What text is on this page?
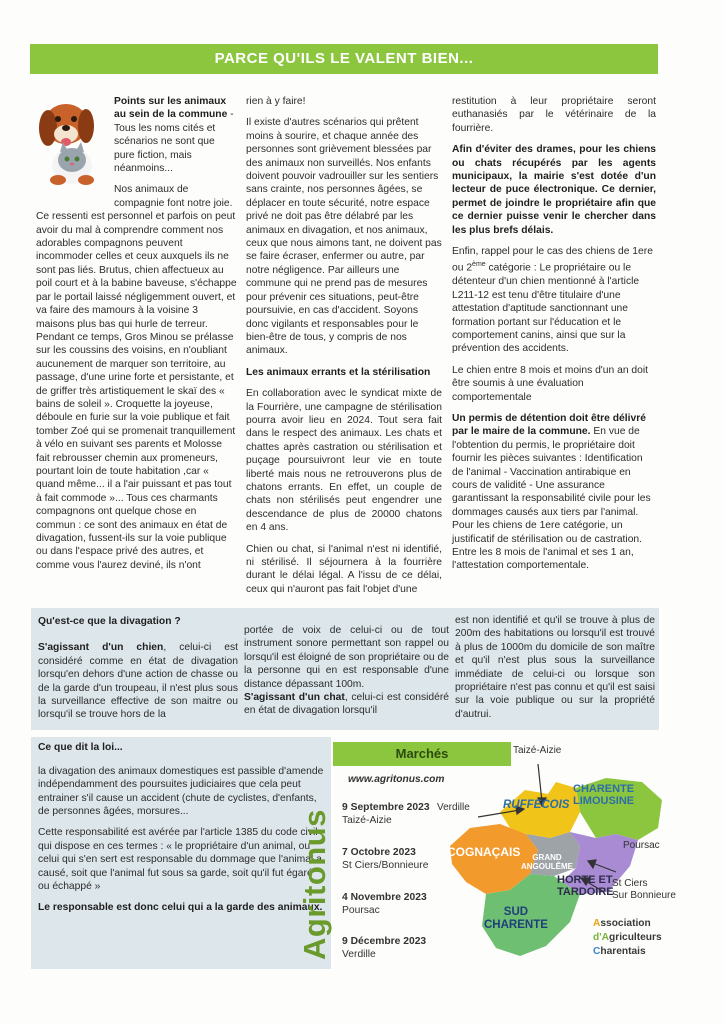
PARCE QU'ILS LE VALENT BIEN...

Points sur les animaux au sein de la commune - Tous les noms cités et scénarios ne sont que pure fiction, mais néanmoins...

Nos animaux de compagnie font notre joie.

Ce ressenti est personnel et parfois on peut avoir du mal à comprendre comment nos adorables compagnons peuvent incommoder celles et ceux auxquels ils ne sont pas liés. Brutus, chien affectueux au poil court et à la babine baveuse, s'échappe par le portail laissé négligemment ouvert, et va faire des mamours à la voisine 3 maisons plus bas qui hurle de terreur. Pendant ce temps, Gros Minou se prélasse sur les coussins des voisins, en n'oubliant aucunement de marquer son territoire, au passage, d'une urine forte et persistante, et de griffer très artistiquement le skaï des « bains de soleil ». Croquette la joyeuse, déboule en furie sur la voie publique et fait tomber Zoé qui se promenait tranquillement à vélo en suivant ses parents et Molosse fait rebrousser chemin aux promeneurs, pourtant loin de toute habitation ,car « quand même... il a l'air puissant et pas tout à fait commode »... Tous ces charmants compagnons ont quelque chose en commun : ce sont des animaux en état de divagation, fussent-ils sur la voie publique ou dans l'espace privé des autres, et comme vous l'aurez deviné, ils n'ont

rien à y faire!

Il existe d'autres scénarios qui prêtent moins à sourire, et chaque année des personnes sont grièvement blessées par des animaux non surveillés. Nos enfants doivent pouvoir vadrouiller sur les sentiers sans crainte, nos personnes âgées, se déplacer en toute sécurité, notre espace privé ne doit pas être délabré par les animaux en divagation, et nos animaux, ceux que nous aimons tant, ne doivent pas se faire écraser, enfermer ou autre, par notre négligence. Par ailleurs une commune qui ne prend pas de mesures pour prévenir ces situations, peut-être poursuivie, en cas d'accident. Soyons donc vigilants et responsables pour le bien-être de tous, y compris de nos animaux.

Les animaux errants et la stérilisation

En collaboration avec le syndicat mixte de la Fourrière, une campagne de stérilisation pourra avoir lieu en 2024. Tout sera fait dans le respect des animaux. Les chats et chattes après castration ou stérilisation et puçage poursuivront leur vie en toute liberté mais nous ne retrouverons plus de chatons errants. En effet, un couple de chats non stérilisés peut engendrer une descendance de plus de 20000 chatons en 4 ans.

Chien ou chat, si l'animal n'est ni identifié, ni stérilisé. Il séjournera à la fourrière durant le délai légal. A l'issu de ce délai, ceux qui n'auront pas fait l'objet d'une

restitution à leur propriétaire seront euthanasiés par le vétérinaire de la fourrière.

Afin d'éviter des drames, pour les chiens ou chats récupérés par les agents municipaux, la mairie s'est dotée d'un lecteur de puce électronique. Ce dernier, permet de joindre le propriétaire afin que ce dernier puisse venir le chercher dans les plus brefs délais.

Enfin, rappel pour le cas des chiens de 1ere ou 2ème catégorie : Le propriétaire ou le détenteur d'un chien mentionné à l'article L211-12 est tenu d'être titulaire d'une attestation d'aptitude sanctionnant une formation portant sur l'éducation et le comportement canins, ainsi que sur la prévention des accidents.

Le chien entre 8 mois et moins d'un an doit être soumis à une évaluation comportementale

Un permis de détention doit être délivré par le maire de la commune. En vue de l'obtention du permis, le propriétaire doit fournir les pièces suivantes : Identification de l'animal - Vaccination antirabique en cours de validité - Une assurance garantissant la responsabilité civile pour les dommages causés aux tiers par l'animal. Pour les chiens de 1ere catégorie, un justificatif de stérilisation ou de castration. Entre les 8 mois de l'animal et ses 1 an, l'attestation comportementale.

Qu'est-ce que la divagation ?

S'agissant d'un chien, celui-ci est considéré comme en état de divagation lorsqu'en dehors d'une action de chasse ou de la garde d'un troupeau, il n'est plus sous la surveillance effective de son maitre ou lorsqu'il se trouve hors de la

portée de voix de celui-ci ou de tout instrument sonore permettant son rappel ou lorsqu'il est éloigné de son propriétaire ou de la personne qui en est responsable d'une distance dépassant 100m.

S'agissant d'un chat, celui-ci est considéré en état de divagation lorsqu'il

est non identifié et qu'il se trouve à plus de 200m des habitations ou lorsqu'il est trouvé à plus de 1000m du domicile de son maître et qu'il n'est plus sous la surveillance immédiate de celui-ci ou lorsque son propriétaire n'est pas connu et qu'il est saisi sur la voie publique ou sur la propriété d'autrui.

Ce que dit la loi...

la divagation des animaux domestiques est passible d'amende indépendamment des poursuites judiciaires que cela peut entrainer s'il cause un accident (chute de cyclistes, d'enfants, de personnes âgées, morsures...

Cette responsabilité est avérée par l'article 1385 du code civil qui dispose en ces termes : « le propriétaire d'un animal, ou celui qui s'en sert est responsable du dommage que l'animal a causé, soit que l'animal fut sous sa garde, soit qu'il fut égaré ou échappé »

Le responsable est donc celui qui a la garde des animaux.

Agritonus
Marchés
www.agritonus.com
9 Septembre 2023
Taizé-Aizie
7 Octobre 2023
St Ciers/Bonnieure
4 Novembre 2023
Poursac
9 Décembre 2023
Verdille
Taizé-Aizie
Verdille	RUFFECOIS
CHARENTE
LIMOUSINE
COGNAÇAIS	GRAND
ANGOULÊME
Poursac
HORTE ET
TARDOIRE
St Ciers
Sur Bonnieure
SUD
CHARENTE	Association
d'Agriculteurs
Charentais
